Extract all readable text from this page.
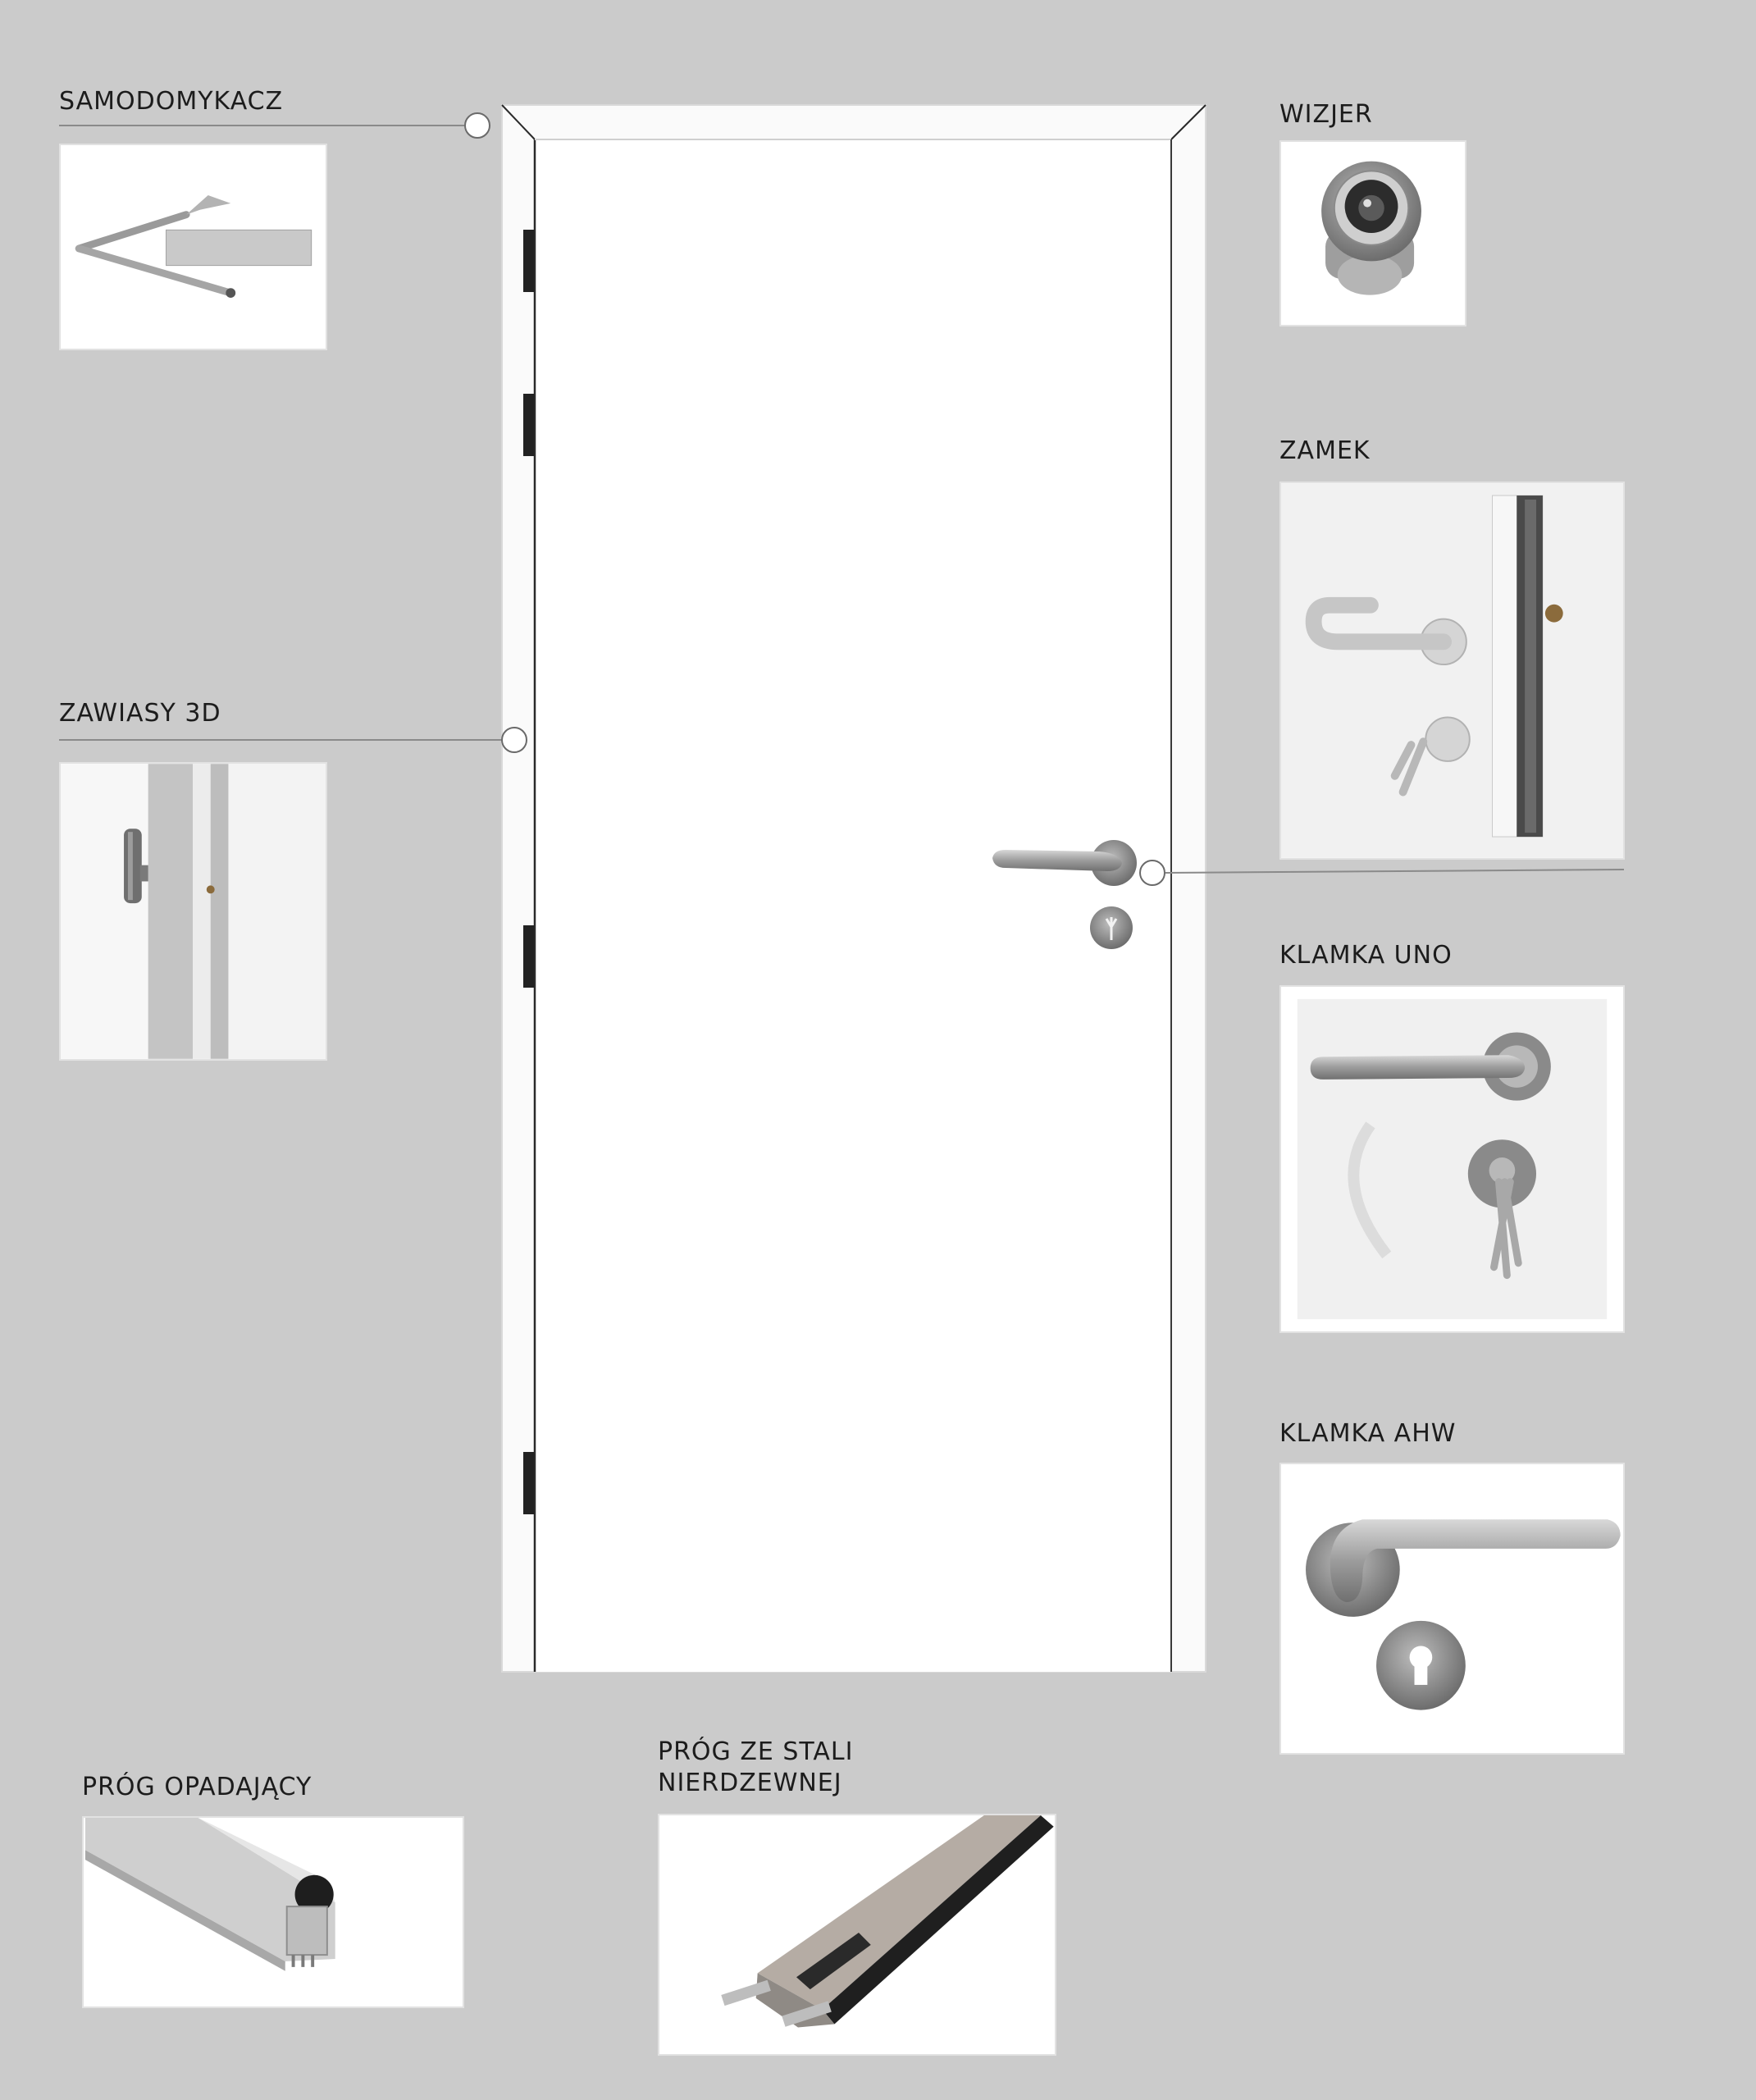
SAMODOMYKACZ
ZAWIASY 3D
WIZJER
ZAMEK
KLAMKA UNO
KLAMKA AHW
PRÓG OPADAJĄCY
PRÓG ZE STALI
NIERDZEWNEJ
